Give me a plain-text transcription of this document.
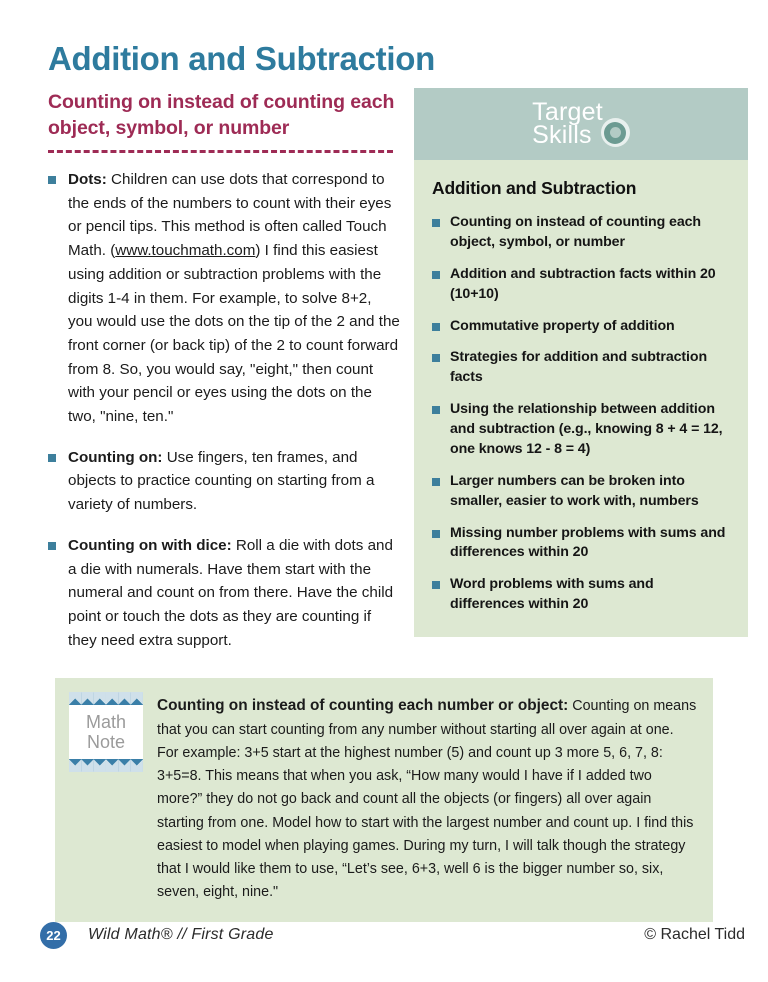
Addition and Subtraction
Counting on instead of counting each object, symbol, or number
Dots: Children can use dots that correspond to the ends of the numbers to count with their eyes or pencil tips. This method is often called Touch Math. (www.touchmath.com) I find this easiest using addition or subtraction problems with the digits 1-4 in them. For example, to solve 8+2, you would use the dots on the tip of the 2 and the front corner (or back tip) of the 2 to count forward from 8. So, you would say, "eight," then count with your pencil or eyes using the dots on the two, "nine, ten."
Counting on: Use fingers, ten frames, and objects to practice counting on starting from a variety of numbers.
Counting on with dice: Roll a die with dots and a die with numerals. Have them start with the numeral and count on from there. Have the child point or touch the dots as they are counting if they need extra support.
Target
Skills
Addition and Subtraction
Counting on instead of counting each object, symbol, or number
Addition and subtraction facts within 20 (10+10)
Commutative property of addition
Strategies for addition and subtraction facts
Using the relationship between addition and subtraction (e.g., knowing 8 + 4 = 12, one knows 12 - 8 = 4)
Larger numbers can be broken into smaller, easier to work with, numbers
Missing number problems with sums and differences within 20
Word problems with sums and differences within 20
Math
Note
Counting on instead of counting each number or object: Counting on means that you can start counting from any number without starting all over again at one. For example: 3+5 start at the highest number (5) and count up 3 more 5, 6, 7, 8: 3+5=8. This means that when you ask, “How many would I have if I added two more?” they do not go back and count all the objects (or fingers) all over again starting from one. Model how to start with the largest number and count up. I find this easiest to model when playing games. During my turn, I will talk though the strategy that I would like them to use, “Let’s see, 6+3, well 6 is the bigger number so, six, seven, eight, nine."
22	Wild Math® // First Grade	© Rachel Tidd
